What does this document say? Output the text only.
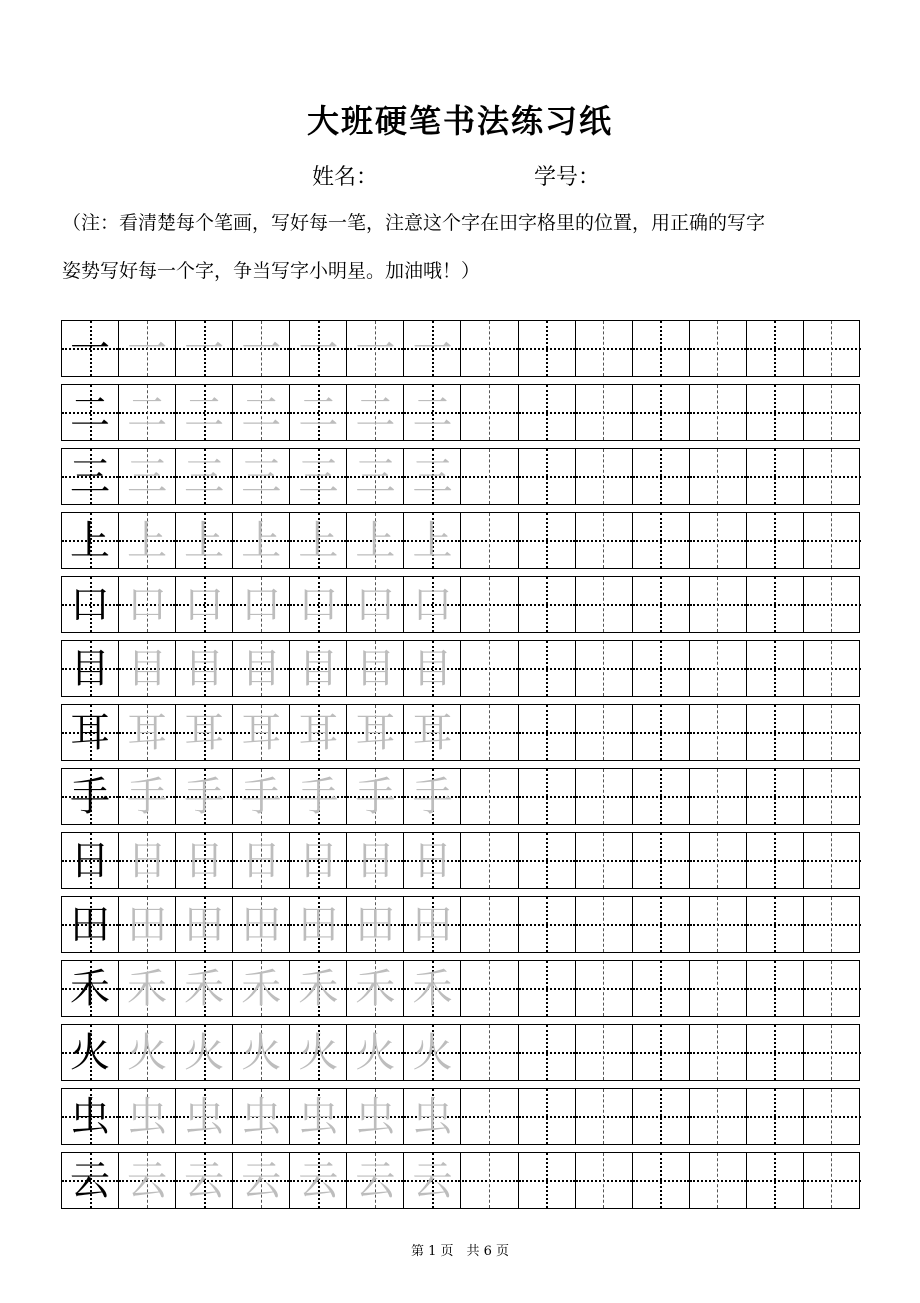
大班硬笔书法练习纸
姓名：	学号：
（注：看清楚每个笔画，写好每一笔，注意这个字在田字格里的位置，用正确的写字
姿势写好每一个字，争当写字小明星。加油哦！）
一 一 一 一 一 一 一
二 二 二 二 二 二 二
三 三 三 三 三 三 三
上 上 上 上 上 上 上
口 口 口 口 口 口 口
目 目 目 目 目 目 目
耳 耳 耳 耳 耳 耳 耳
手 手 手 手 手 手 手
日 日 日 日 日 日 日
田 田 田 田 田 田 田
禾 禾 禾 禾 禾 禾 禾
火 火 火 火 火 火 火
虫 虫 虫 虫 虫 虫 虫
云 云 云 云 云 云 云
第 1 页　共 6 页
